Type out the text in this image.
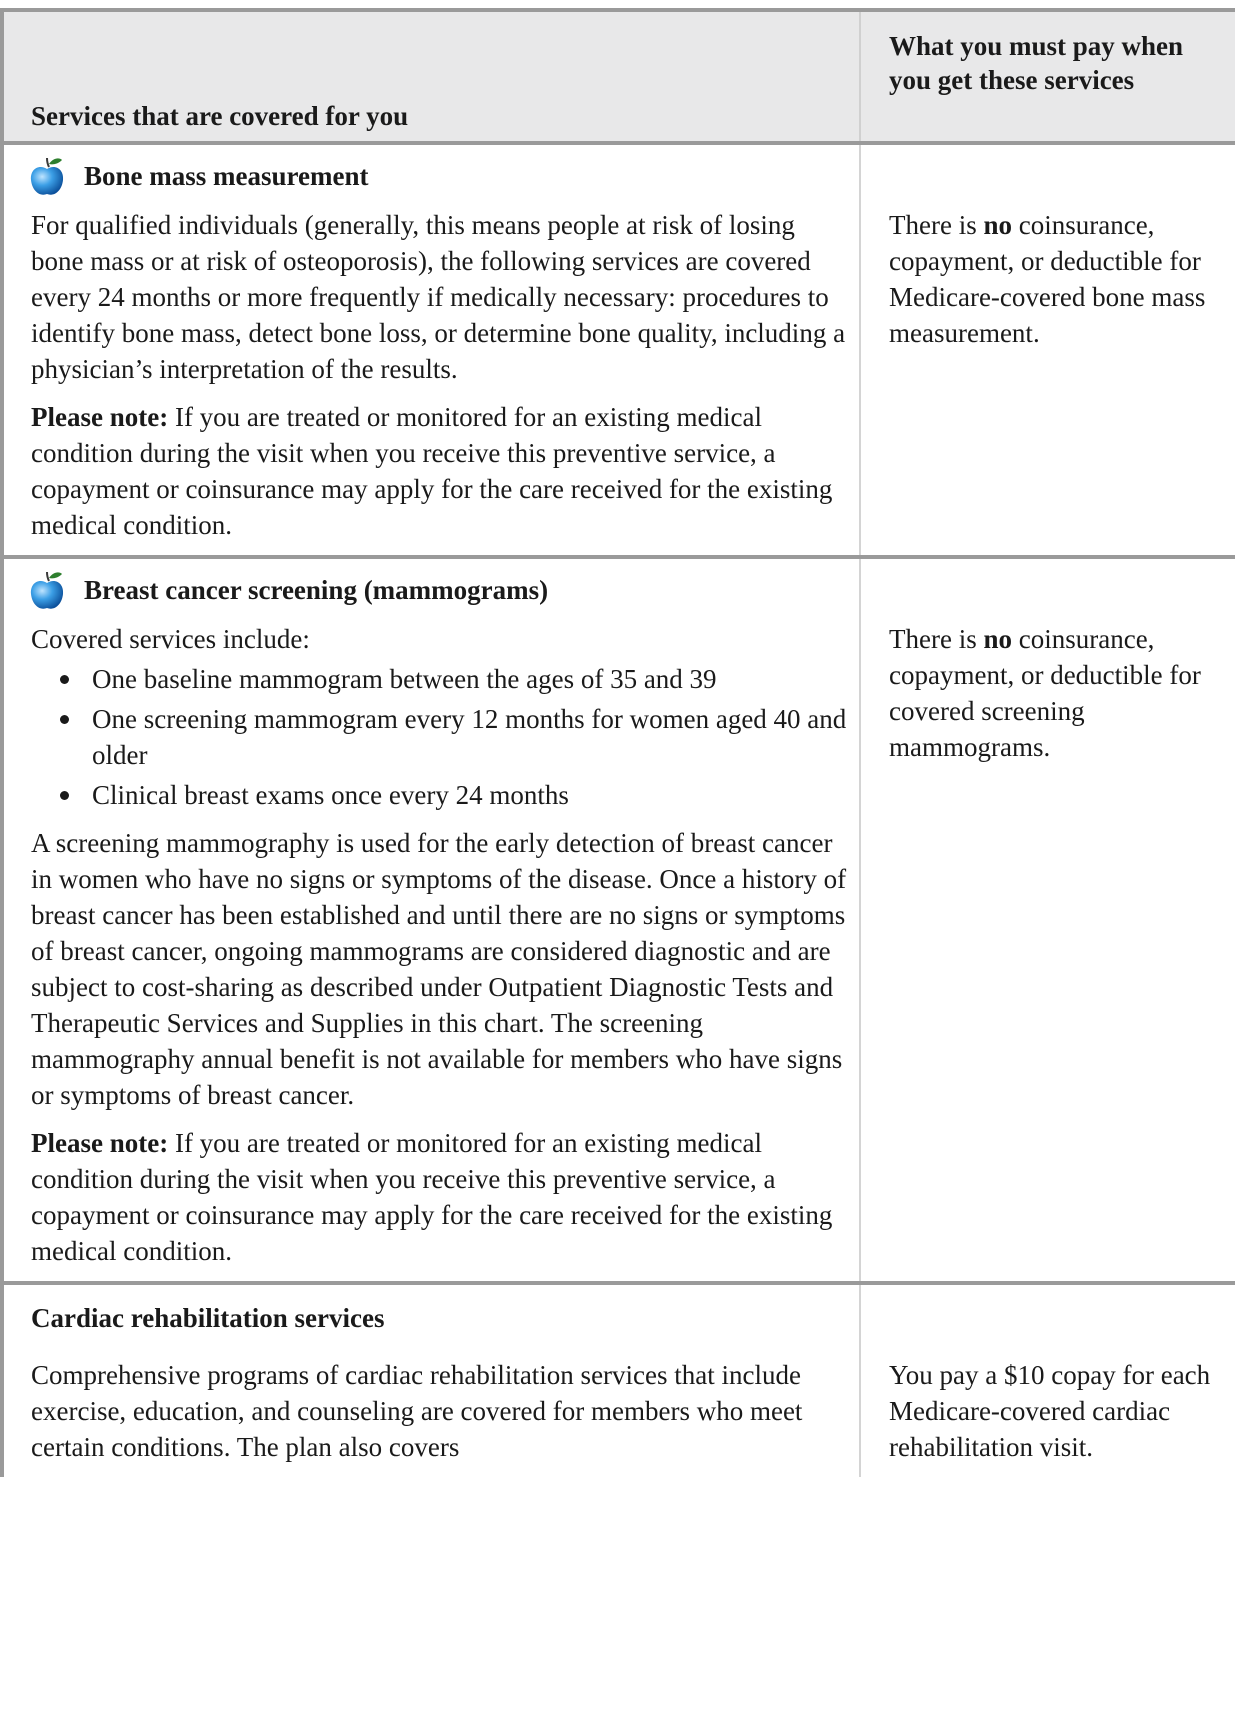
Services that are covered for you
What you must pay when you get these services
Bone mass measurement

For qualified individuals (generally, this means people at risk of losing bone mass or at risk of osteoporosis), the following services are covered every 24 months or more frequently if medically necessary: procedures to identify bone mass, detect bone loss, or determine bone quality, including a physician’s interpretation of the results.

Please note: If you are treated or monitored for an existing medical condition during the visit when you receive this preventive service, a copayment or coinsurance may apply for the care received for the existing medical condition.

There is no coinsurance, copayment, or deductible for Medicare-covered bone mass measurement.
Breast cancer screening (mammograms)

Covered services include:

One baseline mammogram between the ages of 35 and 39
One screening mammogram every 12 months for women aged 40 and older
Clinical breast exams once every 24 months

A screening mammography is used for the early detection of breast cancer in women who have no signs or symptoms of the disease. Once a history of breast cancer has been established and until there are no signs or symptoms of breast cancer, ongoing mammograms are considered diagnostic and are subject to cost-sharing as described under Outpatient Diagnostic Tests and Therapeutic Services and Supplies in this chart. The screening mammography annual benefit is not available for members who have signs or symptoms of breast cancer.

Please note: If you are treated or monitored for an existing medical condition during the visit when you receive this preventive service, a copayment or coinsurance may apply for the care received for the existing medical condition.

There is no coinsurance, copayment, or deductible for covered screening mammograms.
Cardiac rehabilitation services

Comprehensive programs of cardiac rehabilitation services that include exercise, education, and counseling are covered for members who meet certain conditions. The plan also covers

You pay a $10 copay for each Medicare-covered cardiac rehabilitation visit.
